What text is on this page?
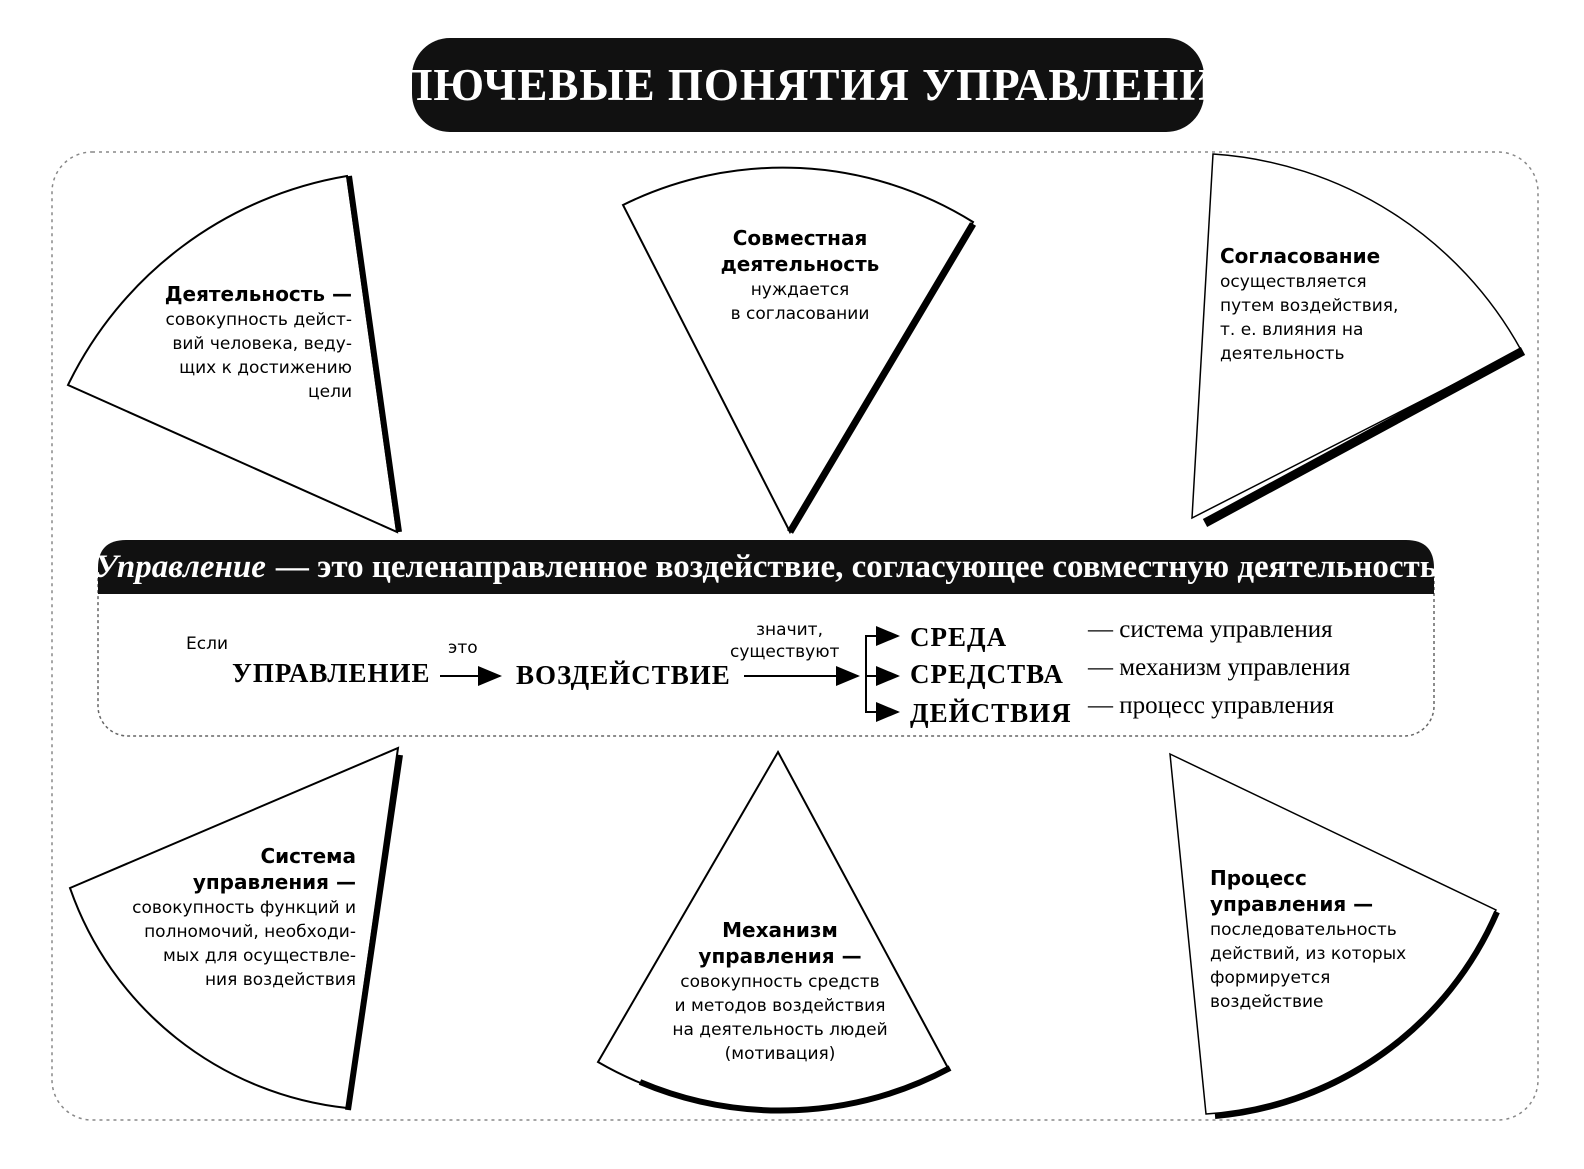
КЛЮЧЕВЫЕ ПОНЯТИЯ УПРАВЛЕНИЯ
Управление — это целенаправленное воздействие, согласующее совместную деятельность
Если
УПРАВЛЕНИЕ
это
ВОЗДЕЙСТВИЕ
значит,
существуют	СРЕДА
СРЕДСТВА
ДЕЙСТВИЯ
— система управления
— механизм управления
— процесс управления
Деятельность —
совокупность дейст-
вий человека, веду-
щих к достижению
цели
Совместная
деятельность
нуждается
в согласовании
Согласование
осуществляется
путем воздействия,
т. е. влияния на
деятельность
Система
управления —
совокупность функций и
полномочий, необходи-
мых для осуществле-
ния воздействия
Механизм
управления —
совокупность средств
и методов воздействия
на деятельность людей
(мотивация)
Процесс
управления —
последовательность
действий, из которых
формируется
воздействие
